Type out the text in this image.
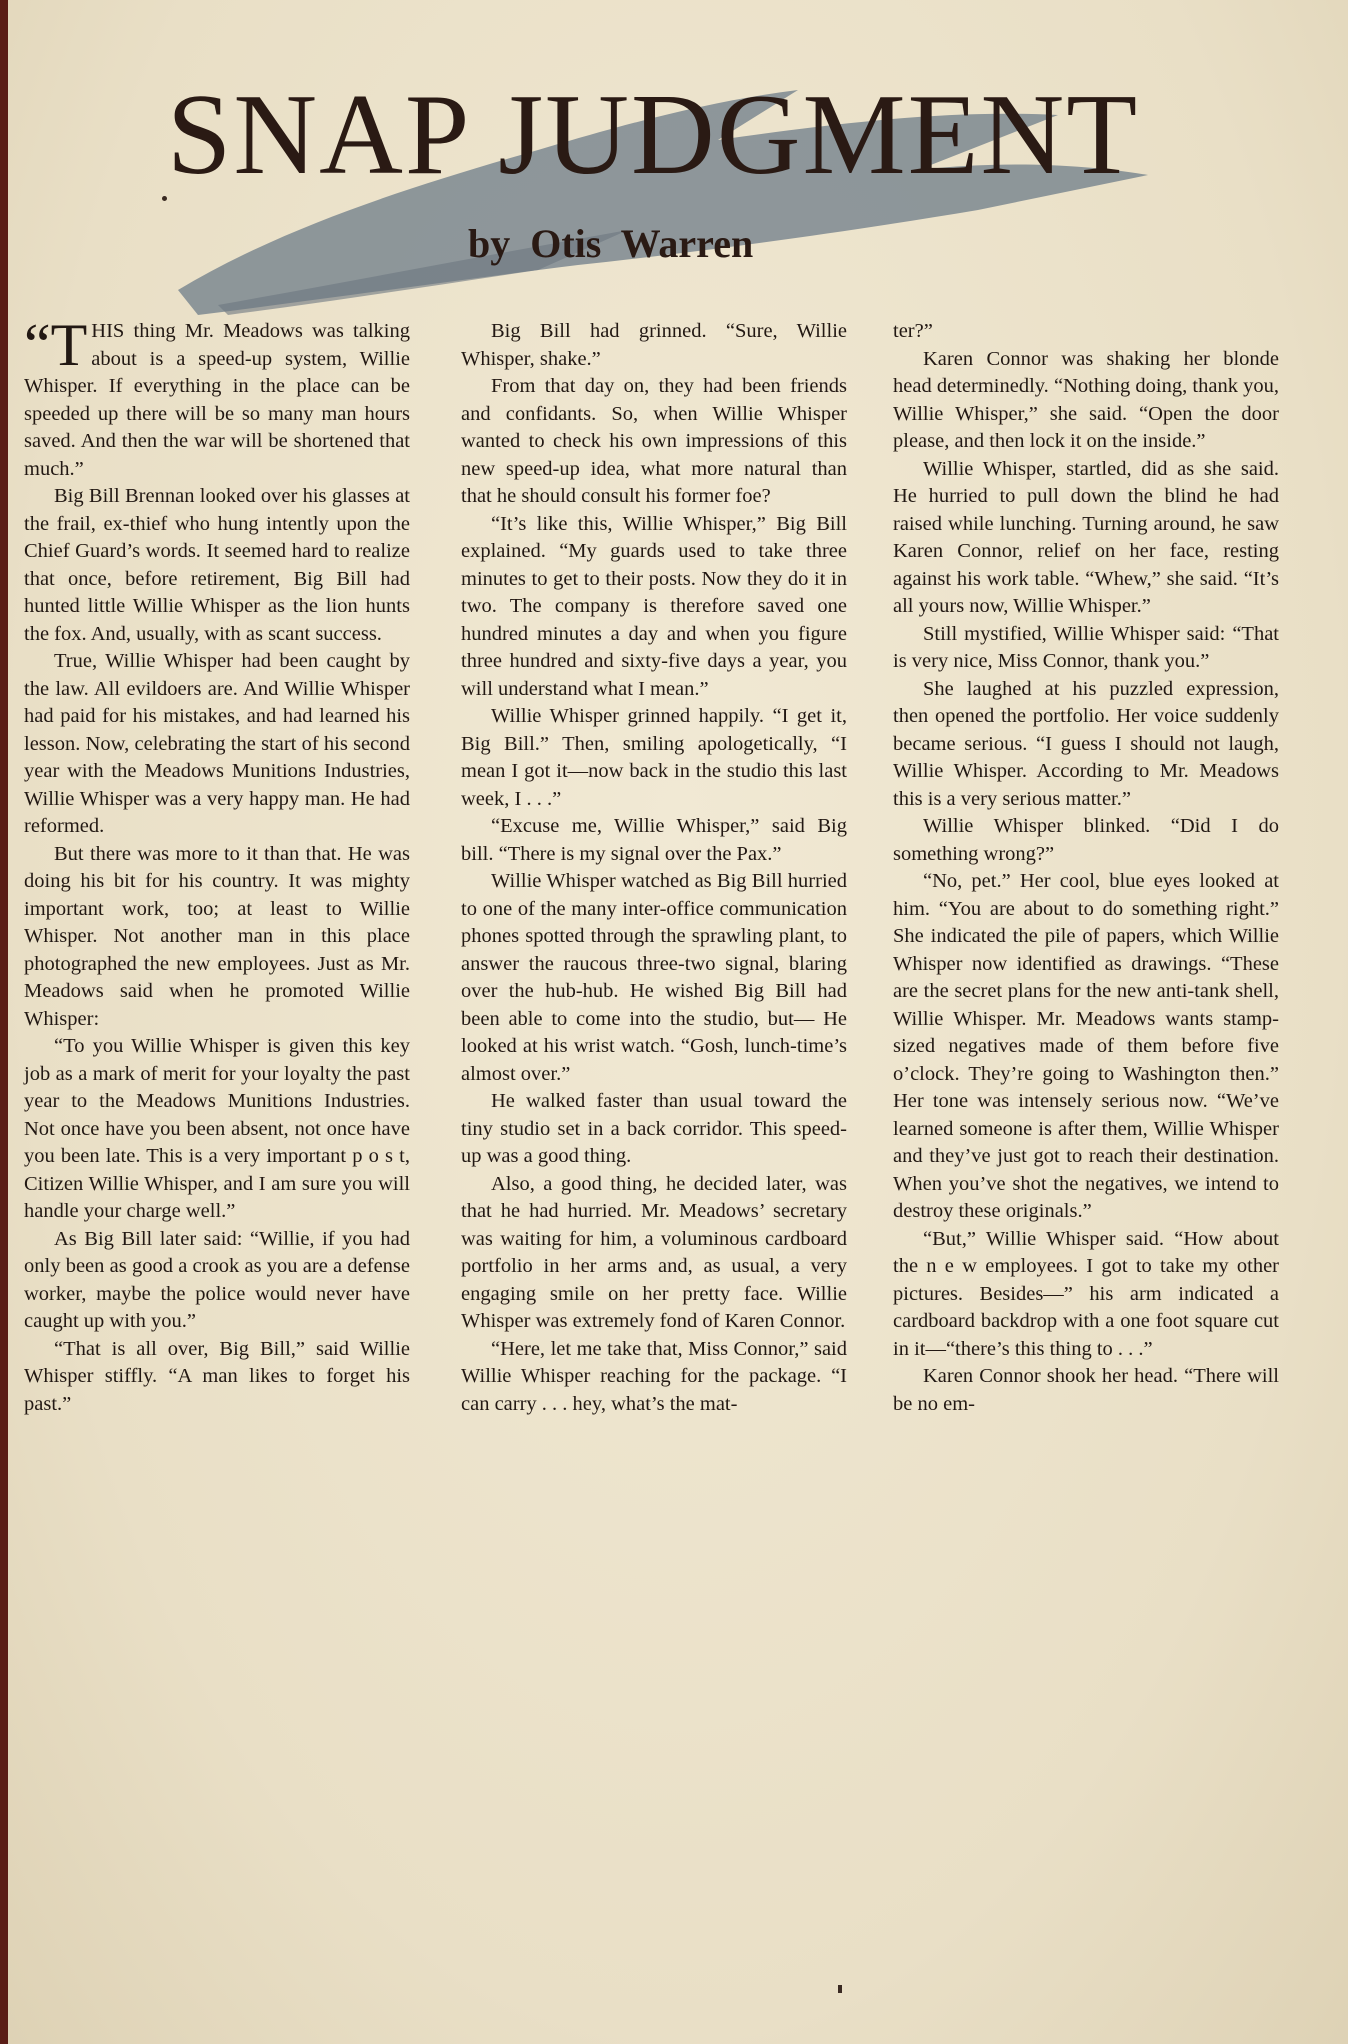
SNAP JUDGMENT
by Otis Warren

“THIS thing Mr. Meadows was talking about is a speed-up system, Willie Whisper. If everything in the place can be speeded up there will be so many man hours saved. And then the war will be shortened that much.”

Big Bill Brennan looked over his glasses at the frail, ex-thief who hung intently upon the Chief Guard’s words. It seemed hard to realize that once, before retirement, Big Bill had hunted little Willie Whisper as the lion hunts the fox. And, usually, with as scant success.

True, Willie Whisper had been caught by the law. All evildoers are. And Willie Whisper had paid for his mistakes, and had learned his lesson. Now, celebrating the start of his second year with the Meadows Munitions Industries, Willie Whisper was a very happy man. He had reformed.

But there was more to it than that. He was doing his bit for his country. It was mighty important work, too; at least to Willie Whisper. Not another man in this place photographed the new employees. Just as Mr. Meadows said when he promoted Willie Whisper:

“To you Willie Whisper is given this key job as a mark of merit for your loyalty the past year to the Meadows Munitions Industries. Not once have you been absent, not once have you been late. This is a very important p o s t, Citizen Willie Whisper, and I am sure you will handle your charge well.”

As Big Bill later said: “Willie, if you had only been as good a crook as you are a defense worker, maybe the police would never have caught up with you.”

“That is all over, Big Bill,” said Willie Whisper stiffly. “A man likes to forget his past.”

Big Bill had grinned. “Sure, Willie Whisper, shake.”

From that day on, they had been friends and confidants. So, when Willie Whisper wanted to check his own impressions of this new speed-up idea, what more natural than that he should consult his former foe?

“It’s like this, Willie Whisper,” Big Bill explained. “My guards used to take three minutes to get to their posts. Now they do it in two. The company is therefore saved one hundred minutes a day and when you figure three hundred and sixty-five days a year, you will understand what I mean.”

Willie Whisper grinned happily. “I get it, Big Bill.” Then, smiling apologetically, “I mean I got it—now back in the studio this last week, I . . .”

“Excuse me, Willie Whisper,” said Big bill. “There is my signal over the Pax.”

Willie Whisper watched as Big Bill hurried to one of the many inter-office communication phones spotted through the sprawling plant, to answer the raucous three-two signal, blaring over the hub-hub. He wished Big Bill had been able to come into the studio, but— He looked at his wrist watch. “Gosh, lunch-time’s almost over.”

He walked faster than usual toward the tiny studio set in a back corridor. This speed-up was a good thing.

Also, a good thing, he decided later, was that he had hurried. Mr. Meadows’ secretary was waiting for him, a voluminous cardboard portfolio in her arms and, as usual, a very engaging smile on her pretty face. Willie Whisper was extremely fond of Karen Connor.

“Here, let me take that, Miss Connor,” said Willie Whisper reaching for the package. “I can carry . . . hey, what’s the mat-

ter?”

Karen Connor was shaking her blonde head determinedly. “Nothing doing, thank you, Willie Whisper,” she said. “Open the door please, and then lock it on the inside.”

Willie Whisper, startled, did as she said. He hurried to pull down the blind he had raised while lunching. Turning around, he saw Karen Connor, relief on her face, resting against his work table. “Whew,” she said. “It’s all yours now, Willie Whisper.”

Still mystified, Willie Whisper said: “That is very nice, Miss Connor, thank you.”

She laughed at his puzzled expression, then opened the portfolio. Her voice suddenly became serious. “I guess I should not laugh, Willie Whisper. According to Mr. Meadows this is a very serious matter.”

Willie Whisper blinked. “Did I do something wrong?”

“No, pet.” Her cool, blue eyes looked at him. “You are about to do something right.” She indicated the pile of papers, which Willie Whisper now identified as drawings. “These are the secret plans for the new anti-tank shell, Willie Whisper. Mr. Meadows wants stamp-sized negatives made of them before five o’clock. They’re going to Washington then.” Her tone was intensely serious now. “We’ve learned someone is after them, Willie Whisper and they’ve just got to reach their destination. When you’ve shot the negatives, we intend to destroy these originals.”

“But,” Willie Whisper said. “How about the n e w employees. I got to take my other pictures. Besides—” his arm indicated a cardboard backdrop with a one foot square cut in it—“there’s this thing to . . .”

Karen Connor shook her head. “There will be no em-
